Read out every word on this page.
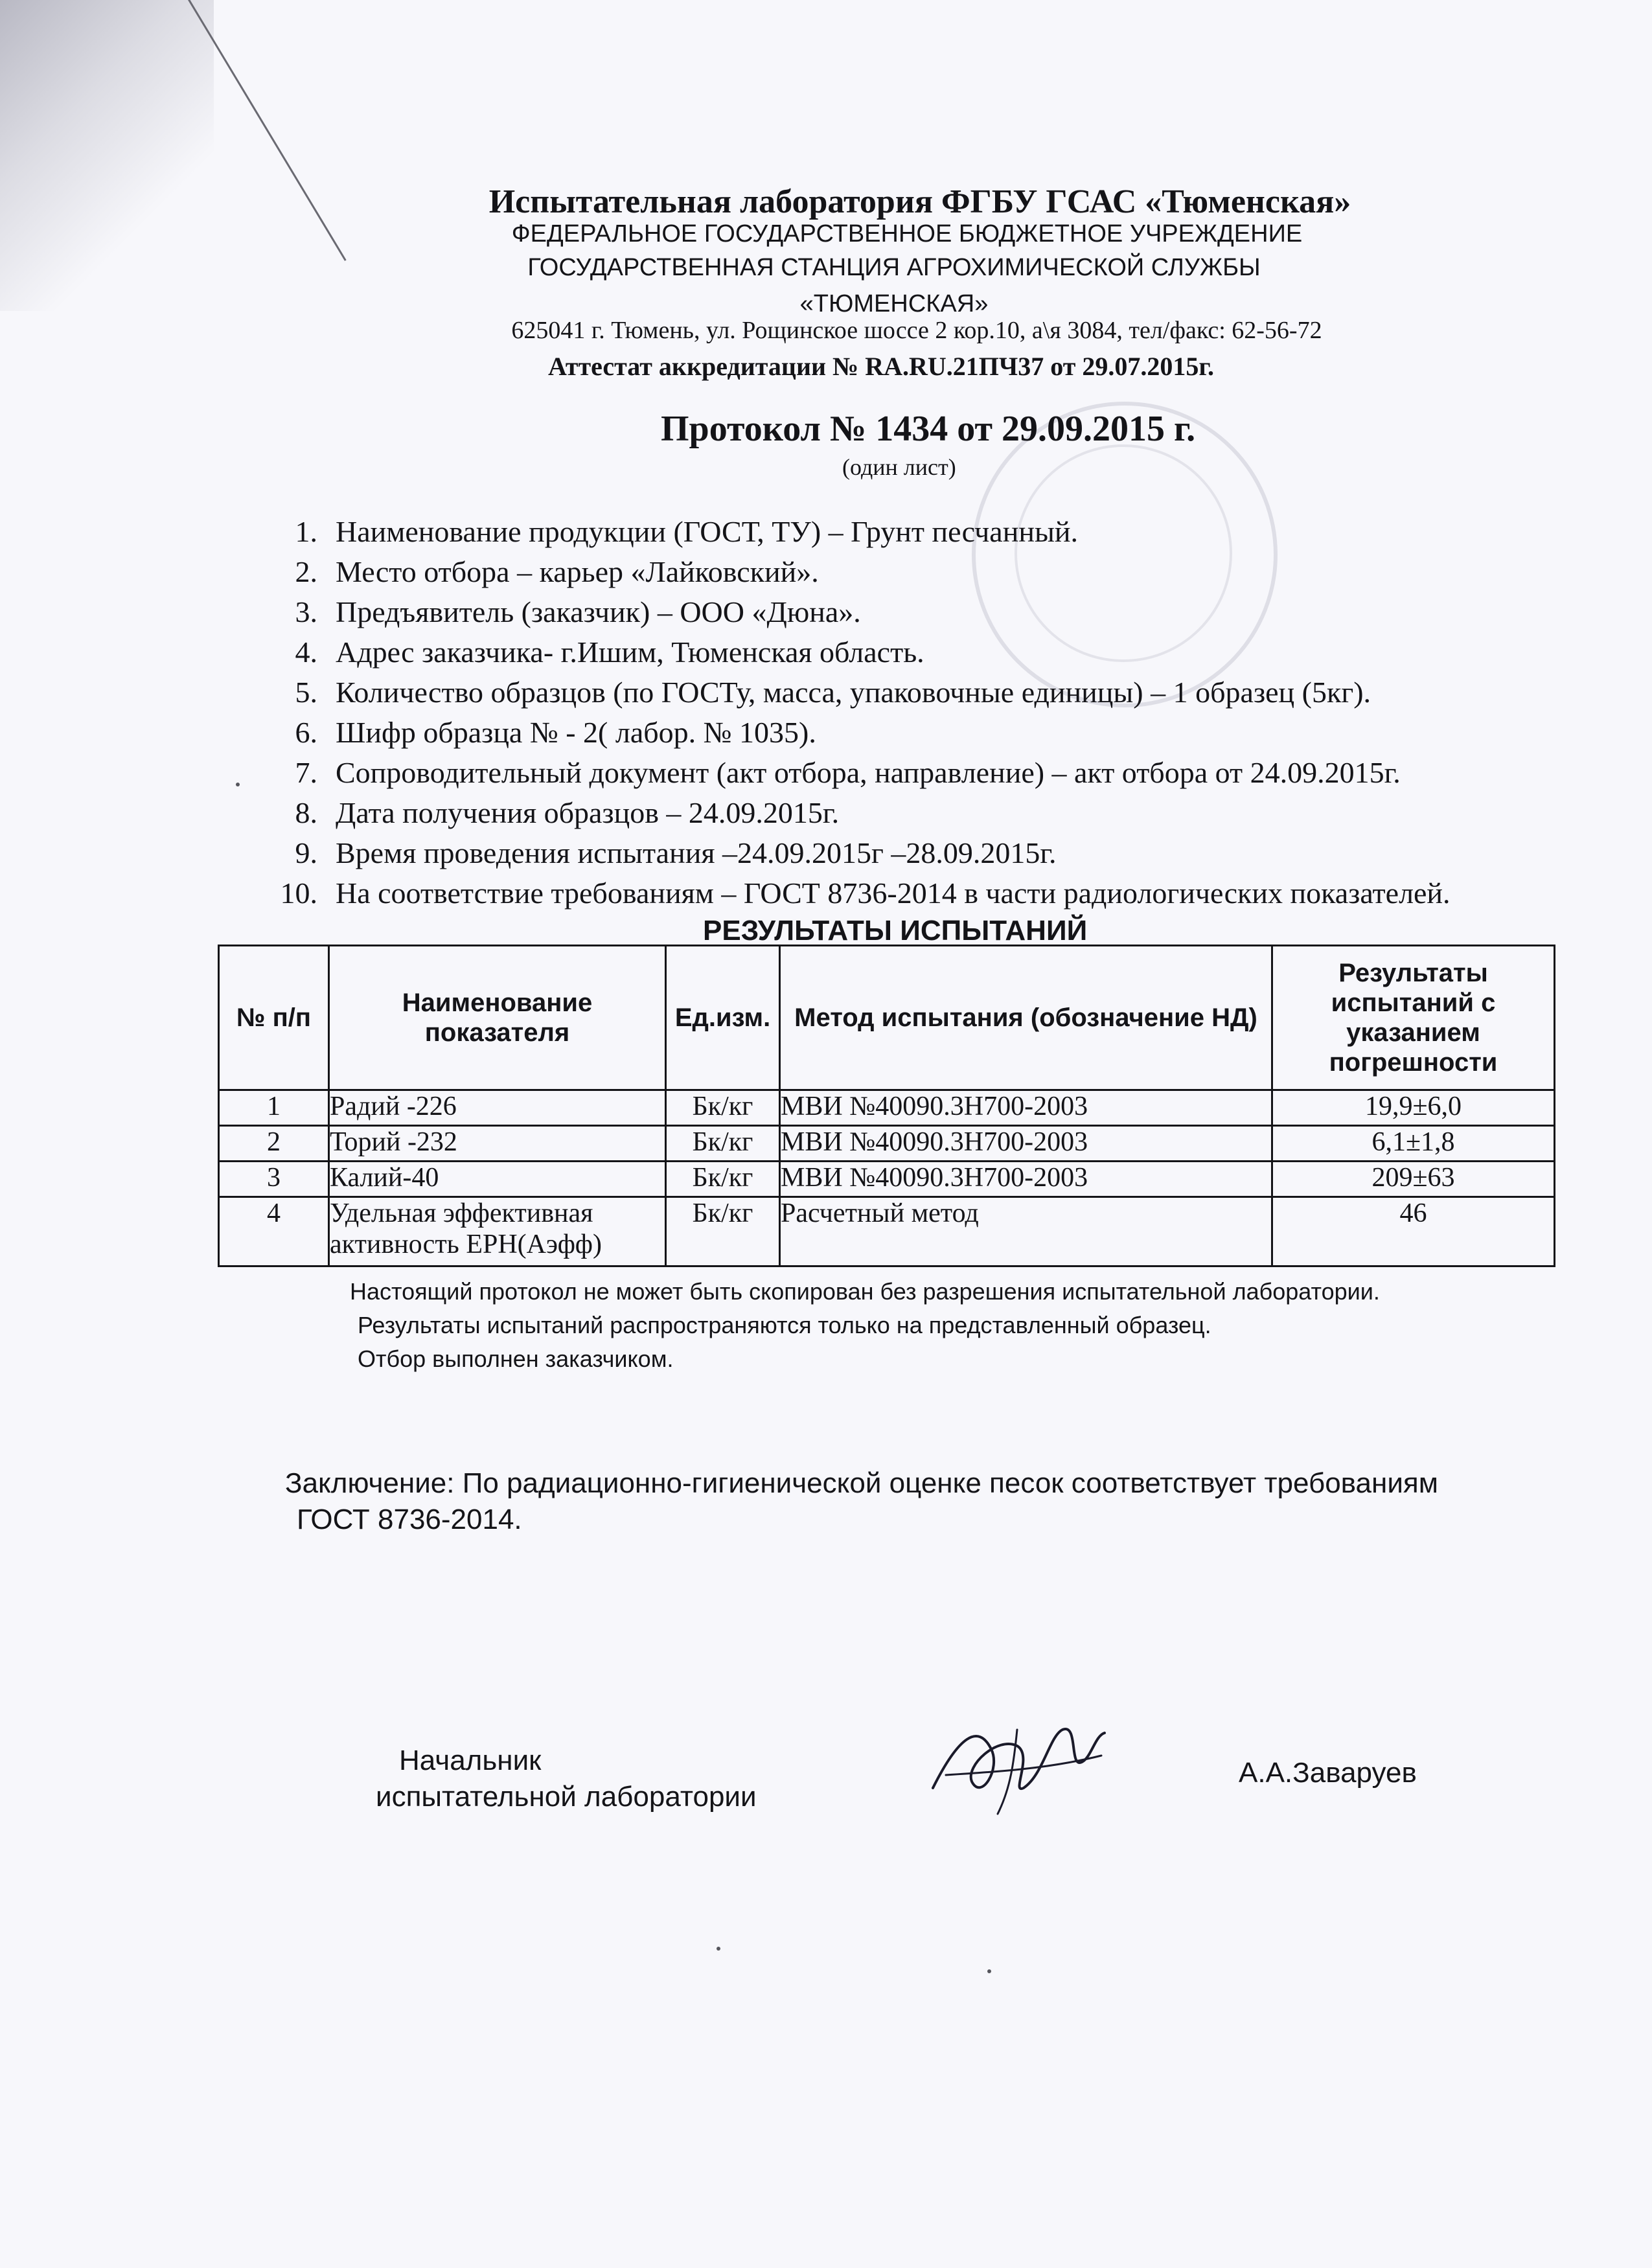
Испытательная лаборатория ФГБУ ГСАС «Тюменская»
ФЕДЕРАЛЬНОЕ ГОСУДАРСТВЕННОЕ БЮДЖЕТНОЕ УЧРЕЖДЕНИЕ
ГОСУДАРСТВЕННАЯ СТАНЦИЯ АГРОХИМИЧЕСКОЙ СЛУЖБЫ
«ТЮМЕНСКАЯ»
625041 г. Тюмень, ул. Рощинское шоссе 2 кор.10, а\я 3084, тел/факс: 62-56-72
Аттестат аккредитации № RA.RU.21ПЧ37 от 29.07.2015г.
Протокол № 1434 от 29.09.2015 г.
(один лист)
1. Наименование продукции (ГОСТ, ТУ) – Грунт песчанный.
2. Место отбора – карьер «Лайковский».
3. Предъявитель (заказчик) – ООО «Дюна».
4. Адрес заказчика- г.Ишим, Тюменская область.
5. Количество образцов (по ГОСТу, масса, упаковочные единицы) – 1 образец (5кг).
6. Шифр образца № - 2( лабор. № 1035).
7. Сопроводительный документ (акт отбора, направление) – акт отбора от 24.09.2015г.
8. Дата получения образцов – 24.09.2015г.
9. Время проведения испытания –24.09.2015г –28.09.2015г.
10. На соответствие требованиям – ГОСТ 8736-2014 в части радиологических показателей.
РЕЗУЛЬТАТЫ ИСПЫТАНИЙ
№ п/п	Наименование показателя	Ед.изм.	Метод испытания (обозначение НД)	Результаты испытаний с указанием погрешности
1	Радий -226	Бк/кг	МВИ №40090.3Н700-2003	19,9±6,0
2	Торий -232	Бк/кг	МВИ №40090.3Н700-2003	6,1±1,8
3	Калий-40	Бк/кг	МВИ №40090.3Н700-2003	209±63
4	Удельная эффективная активность ЕРН(Аэфф)	Бк/кг	Расчетный метод	46
Настоящий протокол не может быть скопирован без разрешения испытательной лаборатории.
Результаты испытаний распространяются только на представленный образец.
Отбор выполнен заказчиком.
Заключение: По радиационно-гигиенической оценке песок соответствует требованиям
ГОСТ 8736-2014.
Начальник
испытательной лаборатории
А.А.Заваруев
